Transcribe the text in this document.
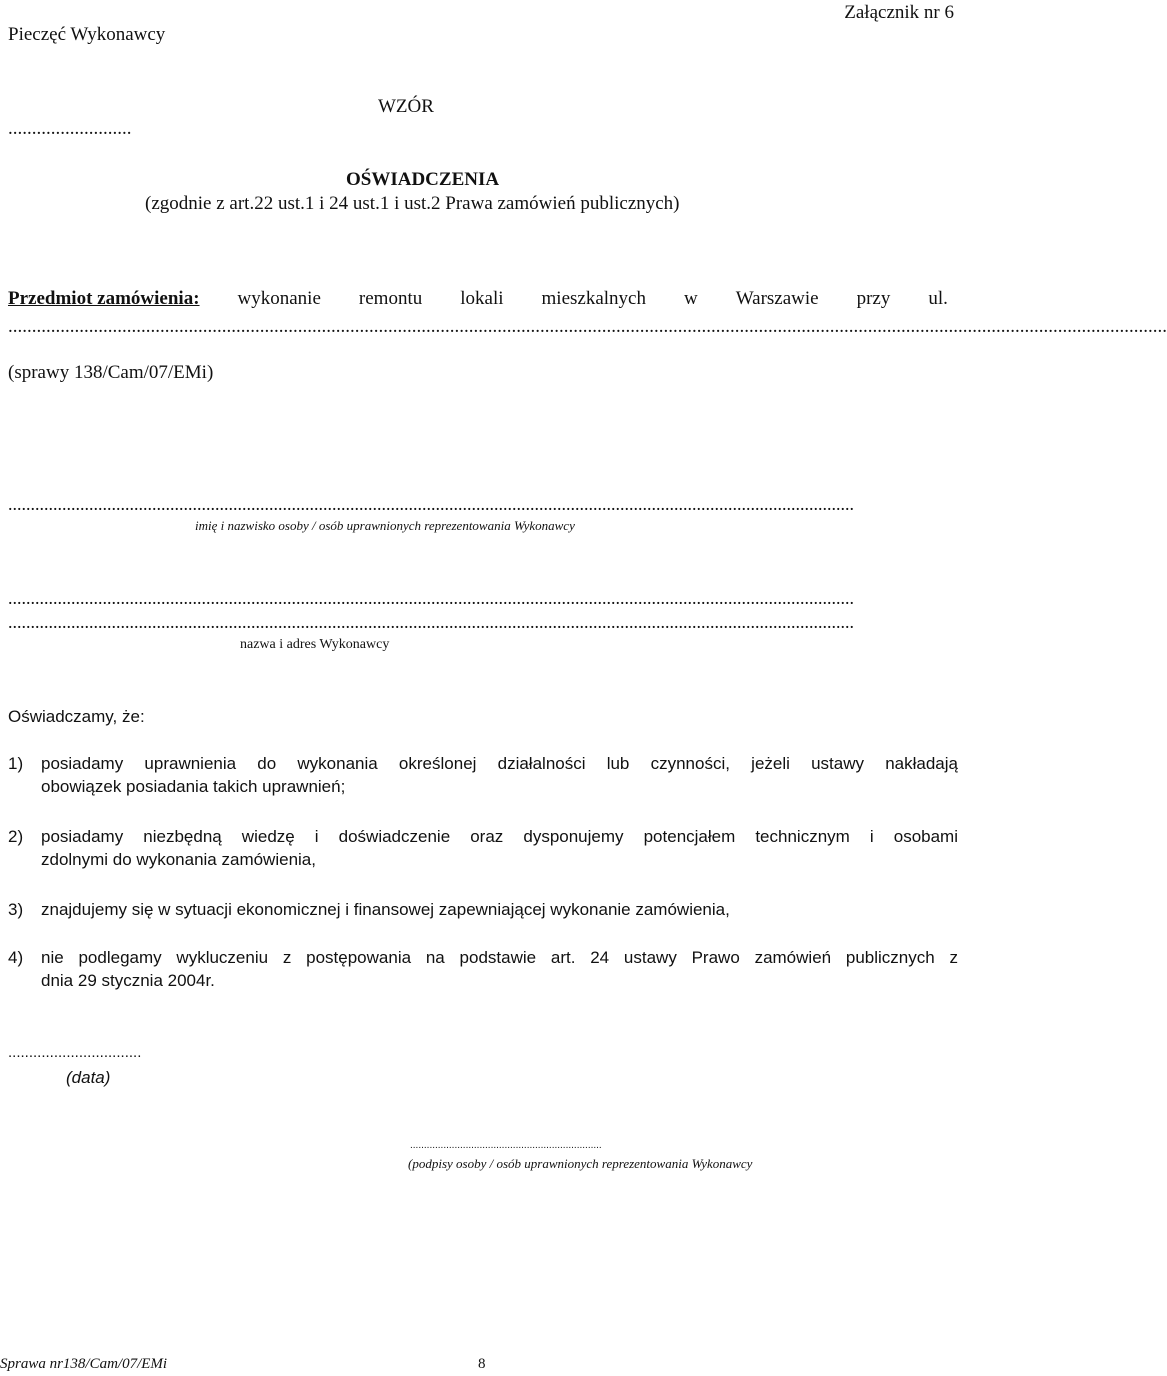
Pieczęć Wykonawcy
Załącznik nr 6
WZÓR
..........................
OŚWIADCZENIA
(zgodnie z art.22 ust.1 i 24 ust.1 i ust.2 Prawa zamówień publicznych)
Przedmiot zamówienia: wykonanie remontu lokali mieszkalnych w Warszawie przy ul.
....................................................................................................................................................................................................................................................
(sprawy 138/Cam/07/EMi)
............................................................................................................................................................................................
imię i nazwisko osoby / osób uprawnionych reprezentowania Wykonawcy
............................................................................................................................................................................................
............................................................................................................................................................................................
nazwa i adres Wykonawcy
Oświadczamy, że:
1) posiadamy uprawnienia do wykonania określonej działalności lub czynności, jeżeli ustawy nakładają
obowiązek posiadania takich uprawnień;
2) posiadamy niezbędną wiedzę i doświadczenie oraz dysponujemy potencjałem technicznym i osobami
zdolnymi do wykonania zamówienia,
3) znajdujemy się w sytuacji ekonomicznej i finansowej zapewniającej wykonanie zamówienia,
4) nie podlegamy wykluczeniu z postępowania na podstawie art. 24 ustawy Prawo zamówień publicznych z
dnia 29 stycznia 2004r.
................................
(data)
.....................................................................
(podpisy osoby / osób uprawnionych reprezentowania Wykonawcy
Sprawa nr138/Cam/07/EMi	8
